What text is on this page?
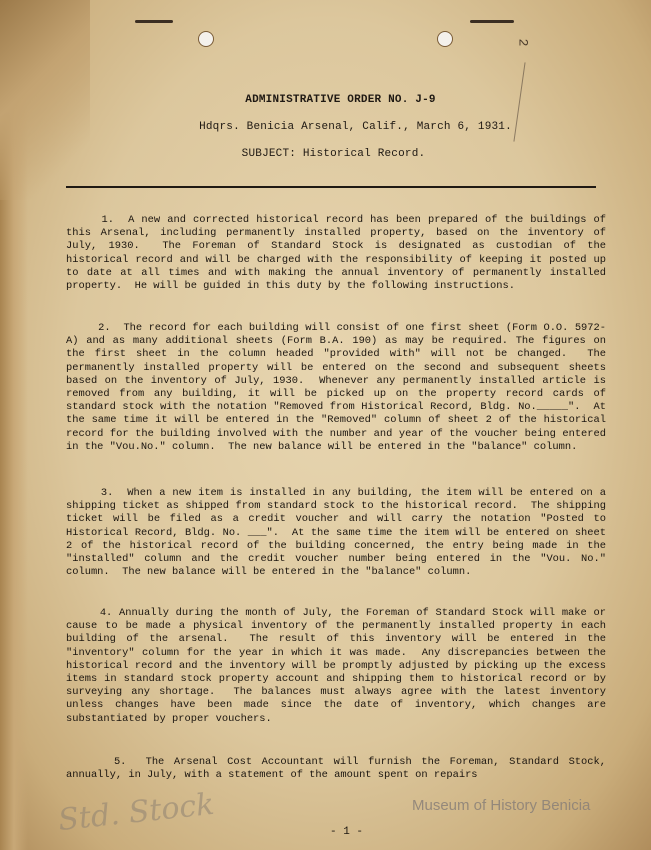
2
ADMINISTRATIVE ORDER NO. J-9
Hdqrs. Benicia Arsenal, Calif., March 6, 1931.
SUBJECT: Historical Record.
1.  A new and corrected historical record has been prepared of the buildings of this Arsenal, including permanently installed property, based on the inventory of July, 1930.  The Foreman of Standard Stock is designated as custodian of the historical record and will be charged with the responsibility of keeping it posted up to date at all times and with making the annual inventory of permanently installed property.  He will be guided in this duty by the following instructions.
2.  The record for each building will consist of one first sheet (Form O.O. 5972-A) and as many additional sheets (Form B.A. 190) as may be required. The figures on the first sheet in the column headed "provided with" will not be changed.  The permanently installed property will be entered on the second and subsequent sheets based on the inventory of July, 1930.  Whenever any permanently installed article is removed from any building, it will be picked up on the property record cards of standard stock with the notation "Removed from Historical Record, Bldg. No._____".  At the same time it will be entered in the "Removed" column of sheet 2 of the historical record for the building involved with the number and year of the voucher being entered in the "Vou.No." column.  The new balance will be entered in the "balance" column.
3.  When a new item is installed in any building, the item will be entered on a shipping ticket as shipped from standard stock to the historical record.  The shipping ticket will be filed as a credit voucher and will carry the notation "Posted to Historical Record, Bldg. No. ___".  At the same time the item will be entered on sheet 2 of the historical record of the building concerned, the entry being made in the "installed" column and the credit voucher number being entered in the "Vou. No." column.  The new balance will be entered in the "balance" column.
4. Annually during the month of July, the Foreman of Standard Stock will make or cause to be made a physical inventory of the permanently installed property in each building of the arsenal.  The result of this inventory will be entered in the "inventory" column for the year in which it was made.  Any discrepancies between the historical record and the inventory will be promptly adjusted by picking up the excess items in standard stock property account and shipping them to historical record or by surveying any shortage.  The balances must always agree with the latest inventory unless changes have been made since the date of inventory, which changes are substantiated by proper vouchers.
5.  The Arsenal Cost Accountant will furnish the Foreman, Standard Stock, annually, in July, with a statement of the amount spent on repairs
Std. Stock	Museum of History Benicia
- 1 -
